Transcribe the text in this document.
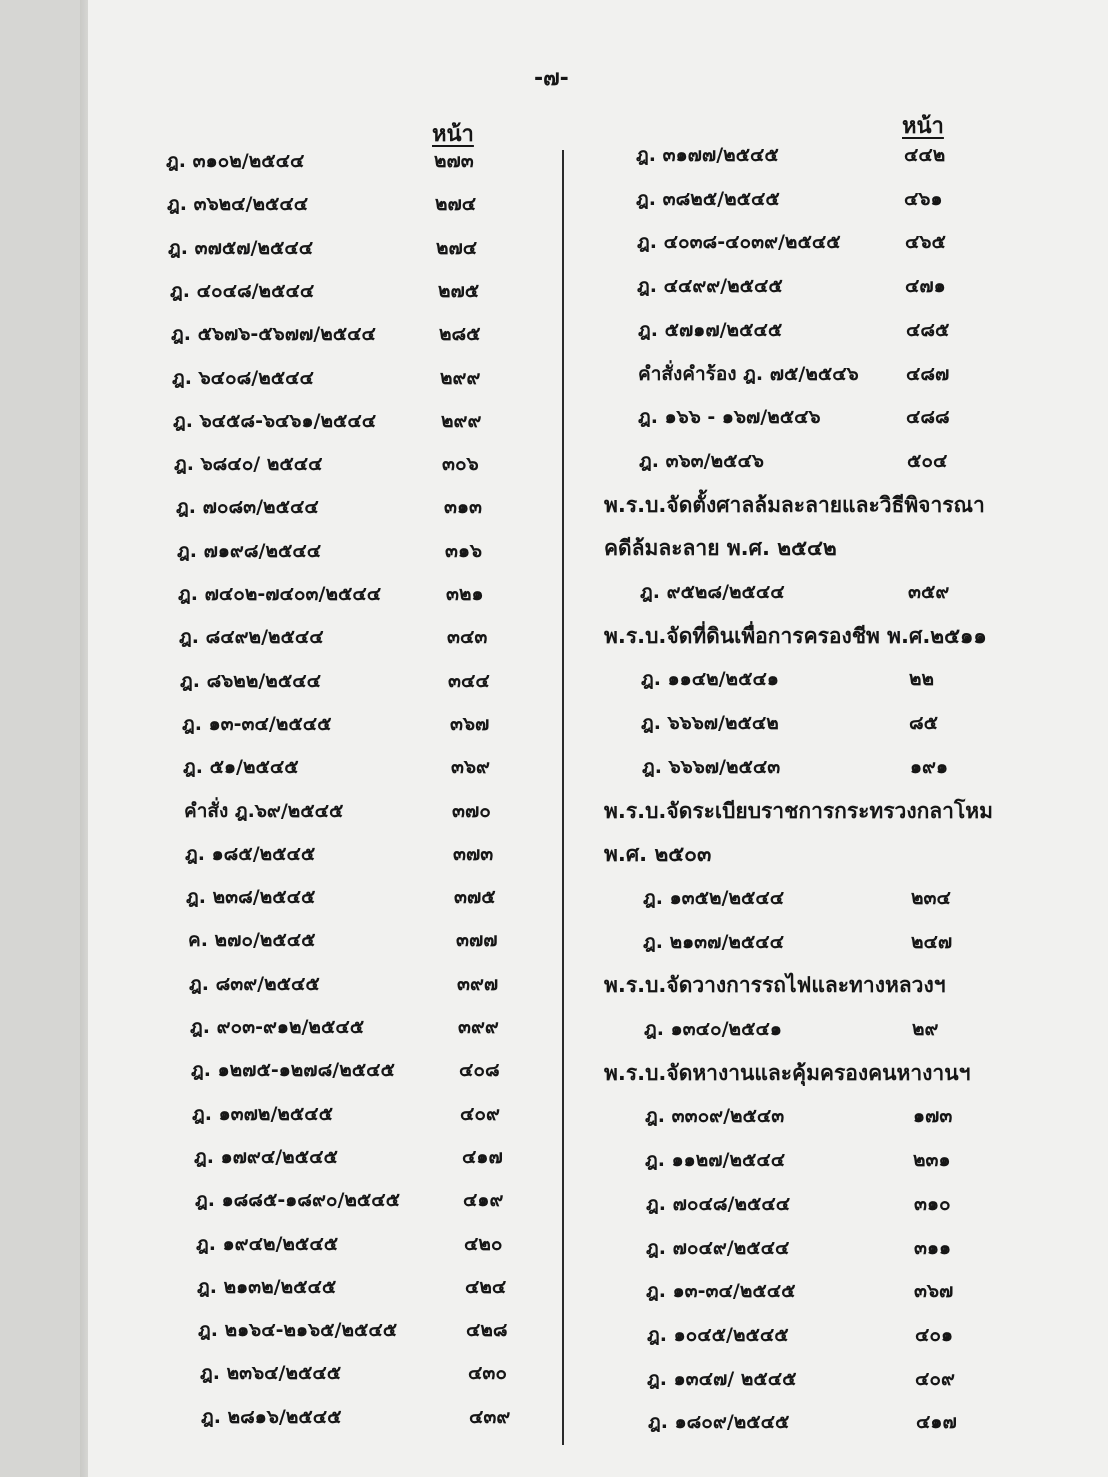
-๗-
หน้า	หน้า
ฎ. ๓๑๐๒/๒๕๔๔	๒๗๓
ฎ. ๓๖๒๔/๒๕๔๔	๒๗๔
ฎ. ๓๗๕๗/๒๕๔๔	๒๗๔
ฎ. ๔๐๔๘/๒๕๔๔	๒๗๕
ฎ. ๕๖๗๖-๕๖๗๗/๒๕๔๔	๒๘๕
ฎ. ๖๔๐๘/๒๕๔๔	๒๙๙
ฎ. ๖๔๕๘-๖๔๖๑/๒๕๔๔	๒๙๙
ฎ. ๖๘๔๐/ ๒๕๔๔	๓๐๖
ฎ. ๗๐๘๓/๒๕๔๔	๓๑๓
ฎ. ๗๑๙๘/๒๕๔๔	๓๑๖
ฎ. ๗๔๐๒-๗๔๐๓/๒๕๔๔	๓๒๑
ฎ. ๘๔๙๒/๒๕๔๔	๓๔๓
ฎ. ๘๖๒๒/๒๕๔๔	๓๔๔
ฎ. ๑๓-๓๔/๒๕๔๕	๓๖๗
ฎ. ๕๑/๒๕๔๕	๓๖๙
คำสั่ง ฎ.๖๙/๒๕๔๕	๓๗๐
ฎ. ๑๘๕/๒๕๔๕	๓๗๓
ฎ. ๒๓๘/๒๕๔๕	๓๗๕
ค. ๒๗๐/๒๕๔๕	๓๗๗
ฎ. ๘๓๙/๒๕๔๕	๓๙๗
ฎ. ๙๐๓-๙๑๒/๒๕๔๕	๓๙๙
ฎ. ๑๒๗๕-๑๒๗๘/๒๕๔๕	๔๐๘
ฎ. ๑๓๗๒/๒๕๔๕	๔๐๙
ฎ. ๑๗๙๔/๒๕๔๕	๔๑๗
ฎ. ๑๘๘๕-๑๘๙๐/๒๕๔๕	๔๑๙
ฎ. ๑๙๔๒/๒๕๔๕	๔๒๐
ฎ. ๒๑๓๒/๒๕๔๕	๔๒๔
ฎ. ๒๑๖๔-๒๑๖๕/๒๕๔๕	๔๒๘
ฎ. ๒๓๖๔/๒๕๔๕	๔๓๐
ฎ. ๒๘๑๖/๒๕๔๕	๔๓๙
ฎ. ๓๑๗๗/๒๕๔๕	๔๔๒
ฎ. ๓๘๒๕/๒๕๔๕	๔๖๑
ฎ. ๔๐๓๘-๔๐๓๙/๒๕๔๕	๔๖๕
ฎ. ๔๔๙๙/๒๕๔๕	๔๗๑
ฎ. ๕๗๑๗/๒๕๔๕	๔๘๕
คำสั่งคำร้อง ฎ. ๗๕/๒๕๔๖ ๔๘๗
ฎ. ๑๖๖ - ๑๖๗/๒๕๔๖	๔๘๘
ฎ. ๓๖๓/๒๕๔๖	๕๐๔
พ.ร.บ.จัดตั้งศาลล้มละลายและวิธีพิจารณา
คดีล้มละลาย พ.ศ. ๒๕๔๒
ฎ. ๙๕๒๘/๒๕๔๔	๓๕๙
พ.ร.บ.จัดที่ดินเพื่อการครองชีพ พ.ศ.๒๕๑๑
ฎ. ๑๑๔๒/๒๕๔๑	๒๒
ฎ. ๖๖๖๗/๒๕๔๒	๘๕
ฎ. ๖๖๖๗/๒๕๔๓	๑๙๑
พ.ร.บ.จัดระเบียบราชการกระทรวงกลาโหม
พ.ศ. ๒๕๐๓
ฎ. ๑๓๕๒/๒๕๔๔	๒๓๔
ฎ. ๒๑๓๗/๒๕๔๔	๒๔๗
พ.ร.บ.จัดวางการรถไฟและทางหลวงฯ
ฎ. ๑๓๔๐/๒๕๔๑	๒๙
พ.ร.บ.จัดหางานและคุ้มครองคนหางานฯ
ฎ. ๓๓๐๙/๒๕๔๓	๑๗๓
ฎ. ๑๑๒๗/๒๕๔๔	๒๓๑
ฎ. ๗๐๔๘/๒๕๔๔	๓๑๐
ฎ. ๗๐๔๙/๒๕๔๔	๓๑๑
ฎ. ๑๓-๓๔/๒๕๔๕	๓๖๗
ฎ. ๑๐๔๕/๒๕๔๕	๔๐๑
ฎ. ๑๓๔๗/ ๒๕๔๕	๔๐๙
ฎ. ๑๘๐๙/๒๕๔๕	๔๑๗
